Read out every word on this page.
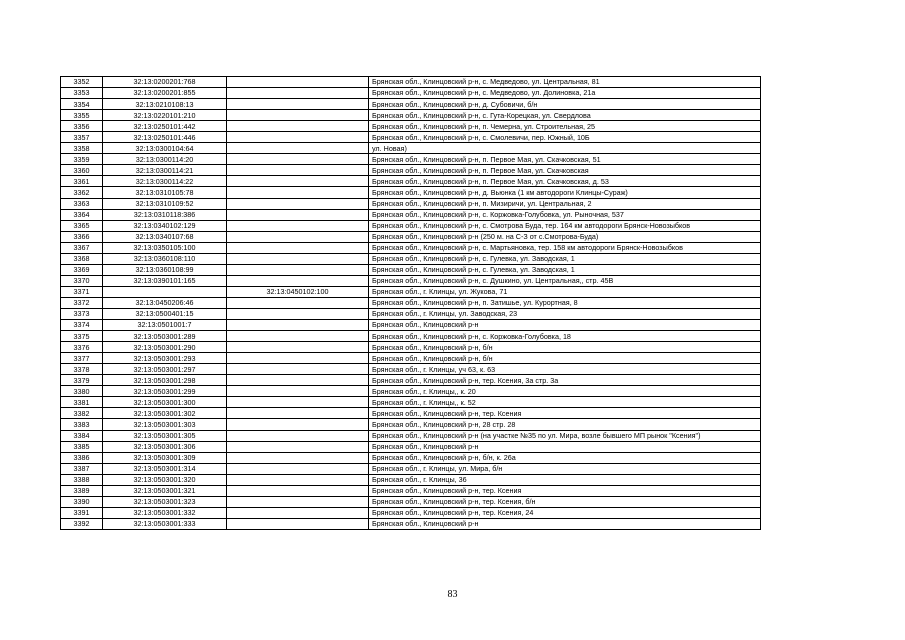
3352	32:13:0200201:768		Брянская обл., Клинцовский р-н, с. Медведово, ул. Центральная, 81
3353	32:13:0200201:855		Брянская обл., Клинцовский р-н, с. Медведово, ул. Долиновка, 21а
3354	32:13:0210108:13		Брянская обл., Клинцовский р-н, д. Субовичи, б/н
3355	32:13:0220101:210		Брянская обл., Клинцовский р-н, с. Гута-Корецкая, ул. Свердлова
3356	32:13:0250101:442		Брянская обл., Клинцовский р-н, п. Чемерна, ул. Строительная, 25
3357	32:13:0250101:446		Брянская обл., Клинцовский р-н, с. Смолевичи, пер. Южный, 10Б
3358	32:13:0300104:64		ул. Новая)
3359	32:13:0300114:20		Брянская обл., Клинцовский р-н, п. Первое Мая, ул. Скачковская, 51
3360	32:13:0300114:21		Брянская обл., Клинцовский р-н, п. Первое Мая, ул. Скачковская
3361	32:13:0300114:22		Брянская обл., Клинцовский р-н, п. Первое Мая, ул. Скачковская, д. 53
3362	32:13:0310105:78		Брянская обл., Клинцовский р-н, д. Вьюнка (1 км автодороги Клинцы-Сураж)
3363	32:13:0310109:52		Брянская обл., Клинцовский р-н, п. Мизиричи, ул. Центральная, 2
3364	32:13:0310118:386		Брянская обл., Клинцовский р-н, с. Коржовка-Голубовка, ул. Рыночная, 537
3365	32:13:0340102:129		Брянская обл., Клинцовский р-н, с. Смотрова Буда, тер. 164 км автодороги Брянск-Новозыбков
3366	32:13:0340107:68		Брянская обл., Клинцовский р-н (250 м. на С-З от с.Смотрова-Буда)
3367	32:13:0350105:100		Брянская обл., Клинцовский р-н, с. Мартьяновка, тер. 158 км автодороги Брянск-Новозыбков
3368	32:13:0360108:110		Брянская обл., Клинцовский р-н, с. Гулевка, ул. Заводская, 1
3369	32:13:0360108:99		Брянская обл., Клинцовский р-н, с. Гулевка, ул. Заводская, 1
3370	32:13:0390101:165		Брянская обл., Клинцовский р-н, с. Душкино, ул. Центральная,, стр. 45В
3371		32:13:0450102:100	Брянская обл., г. Клинцы, ул. Жукова, 71
3372	32:13:0450206:46		Брянская обл., Клинцовский р-н, п. Затишье, ул. Курортная, 8
3373	32:13:0500401:15		Брянская обл., г. Клинцы, ул. Заводская, 23
3374	32:13:0501001:7		Брянская обл., Клинцовский р-н
3375	32:13:0503001:289		Брянская обл., Клинцовский р-н, с. Коржовка-Голубовка, 18
3376	32:13:0503001:290		Брянская обл., Клинцовский р-н, б/н
3377	32:13:0503001:293		Брянская обл., Клинцовский р-н, б/н
3378	32:13:0503001:297		Брянская обл., г. Клинцы, уч 63, к. 63
3379	32:13:0503001:298		Брянская обл., Клинцовский р-н, тер. Ксения, 3а стр. 3а
3380	32:13:0503001:299		Брянская обл., г. Клинцы,, к. 20
3381	32:13:0503001:300		Брянская обл., г. Клинцы,, к. 52
3382	32:13:0503001:302		Брянская обл., Клинцовский р-н, тер. Ксения
3383	32:13:0503001:303		Брянская обл., Клинцовский р-н, 28 стр. 28
3384	32:13:0503001:305		Брянская обл., Клинцовский р-н (на участке №35 по ул. Мира, возле бывшего МП рынок "Ксения")
3385	32:13:0503001:306		Брянская обл., Клинцовский р-н
3386	32:13:0503001:309		Брянская обл., Клинцовский р-н, б/н, к. 26а
3387	32:13:0503001:314		Брянская обл., г. Клинцы, ул. Мира, б/н
3388	32:13:0503001:320		Брянская обл., г. Клинцы, 36
3389	32:13:0503001:321		Брянская обл., Клинцовский р-н, тер. Ксения
3390	32:13:0503001:323		Брянская обл., Клинцовский р-н, тер. Ксения, б/н
3391	32:13:0503001:332		Брянская обл., Клинцовский р-н, тер. Ксения, 24
3392	32:13:0503001:333		Брянская обл., Клинцовский р-н
83
